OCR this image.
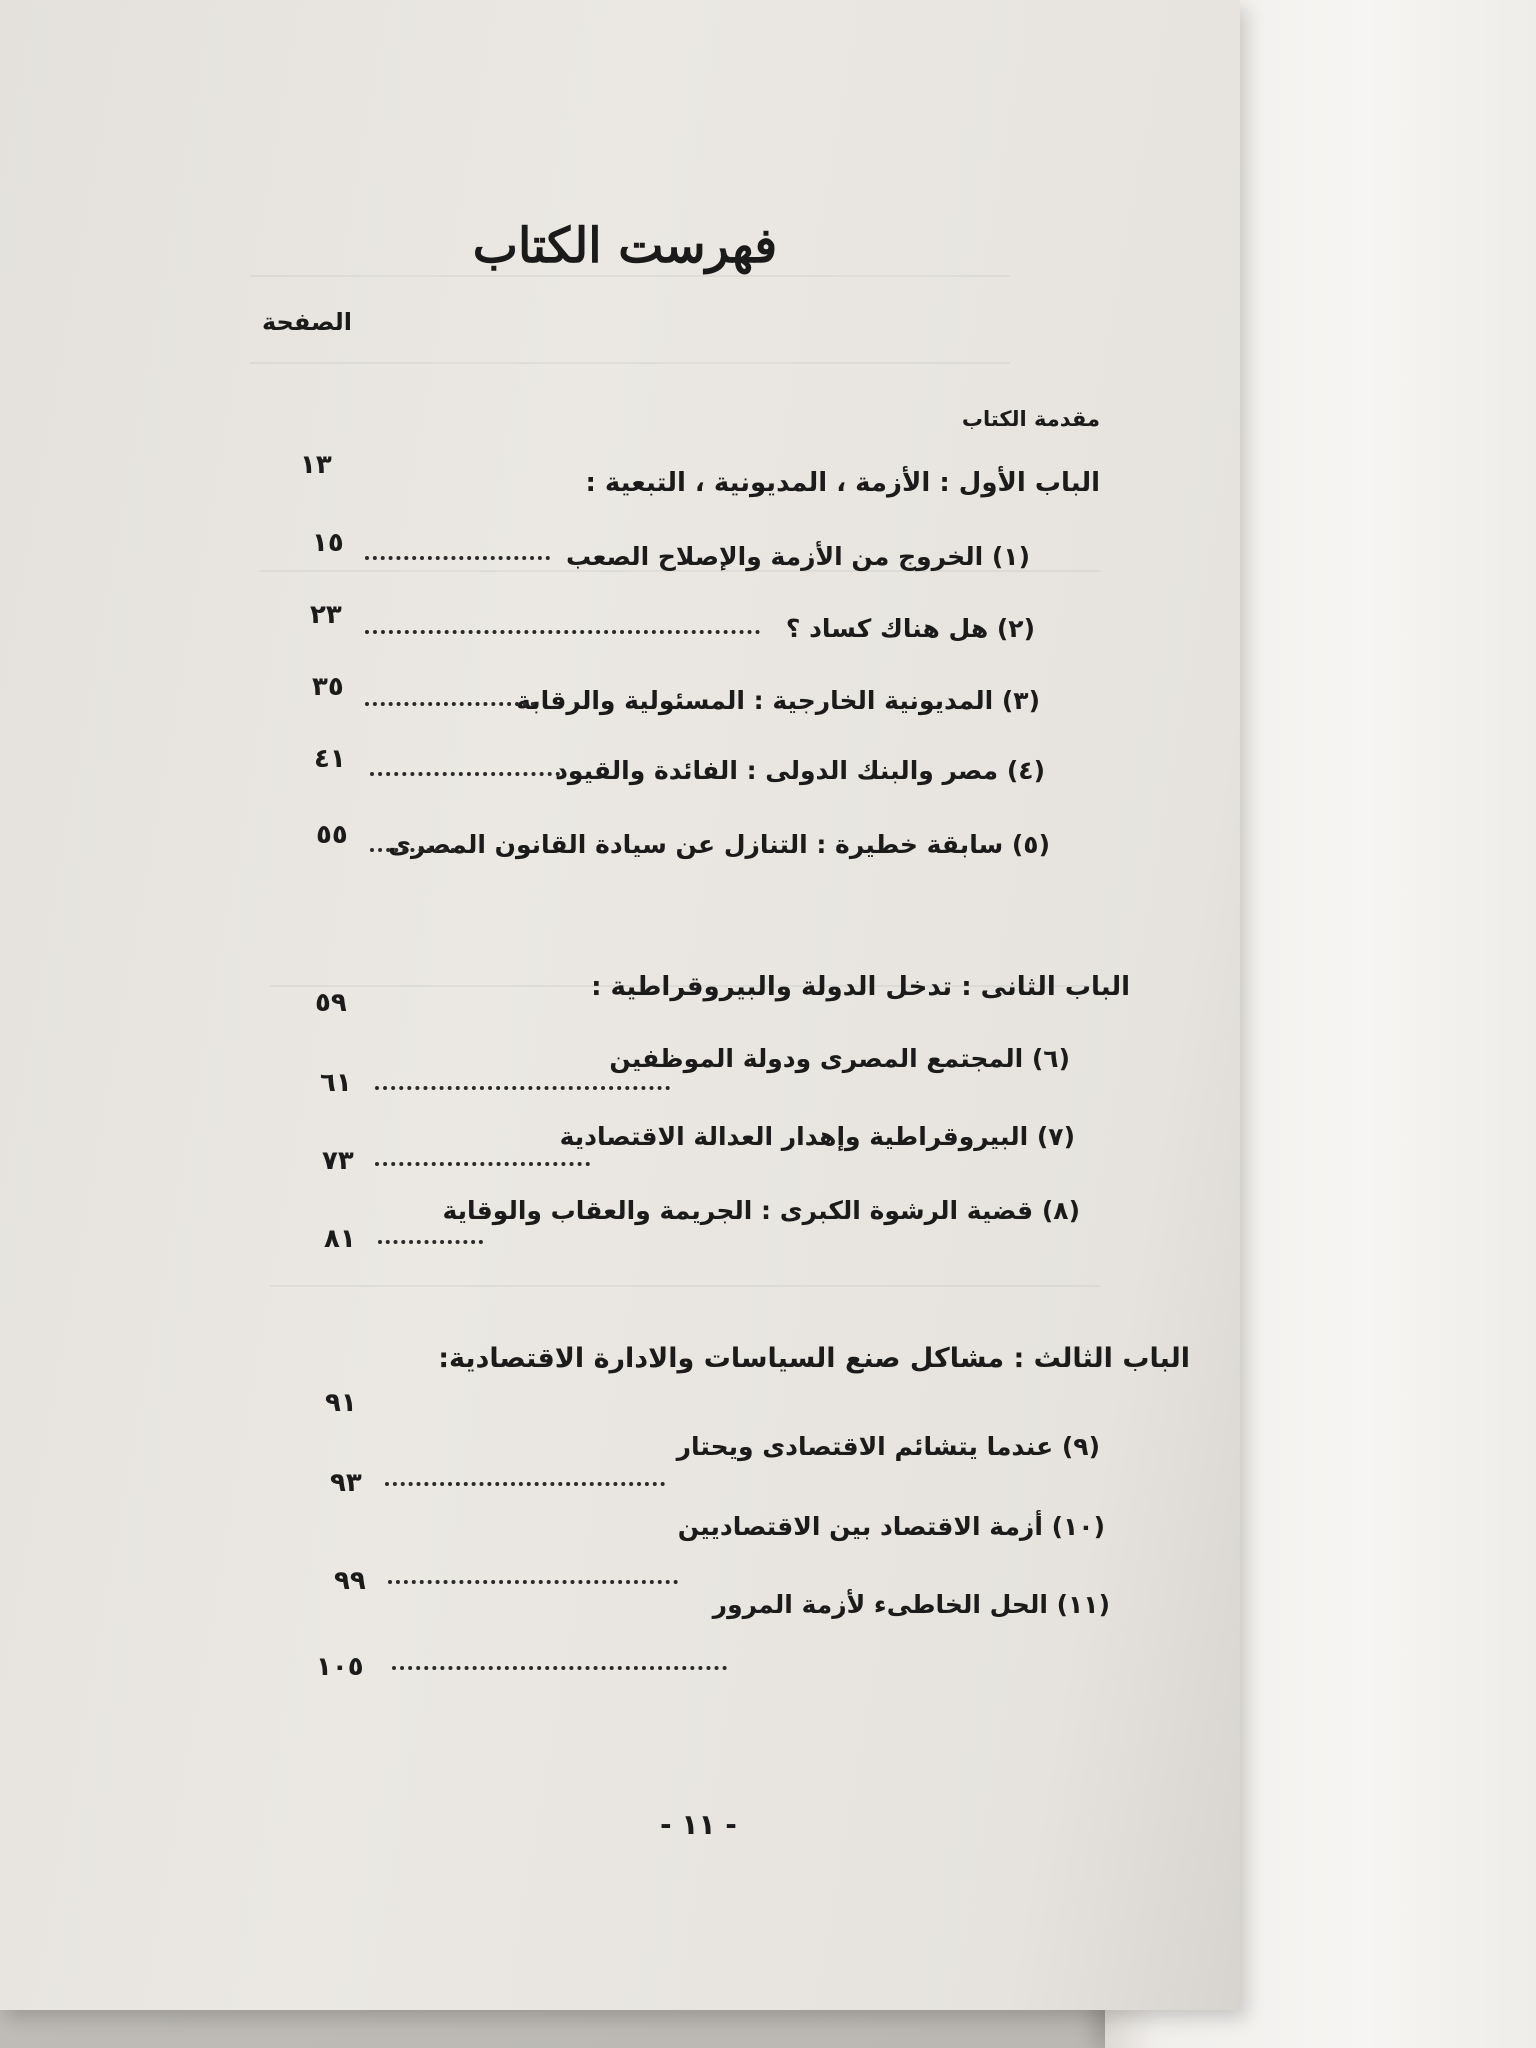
فهرست الكتاب
الصفحة
مقدمة الكتاب
الباب الأول : الأزمة ، المديونية ، التبعية :
١٣
(١) الخروج من الأزمة والإصلاح الصعب
١٥
(٢) هل هناك كساد ؟
٢٣
(٣) المديونية الخارجية : المسئولية والرقابة
٣٥
(٤) مصر والبنك الدولى : الفائدة والقيود
٤١
(٥) سابقة خطيرة : التنازل عن سيادة القانون المصرى
٥٥
الباب الثانى : تدخل الدولة والبيروقراطية :
٥٩
(٦) المجتمع المصرى ودولة الموظفين
٦١
(٧) البيروقراطية وإهدار العدالة الاقتصادية
٧٣
(٨) قضية الرشوة الكبرى : الجريمة والعقاب والوقاية
٨١
الباب الثالث : مشاكل صنع السياسات والادارة الاقتصادية:
٩١
(٩) عندما يتشائم الاقتصادى ويحتار
٩٣
(١٠) أزمة الاقتصاد بين الاقتصاديين
٩٩
(١١) الحل الخاطىء لأزمة المرور
١٠٥
- ١١ -
